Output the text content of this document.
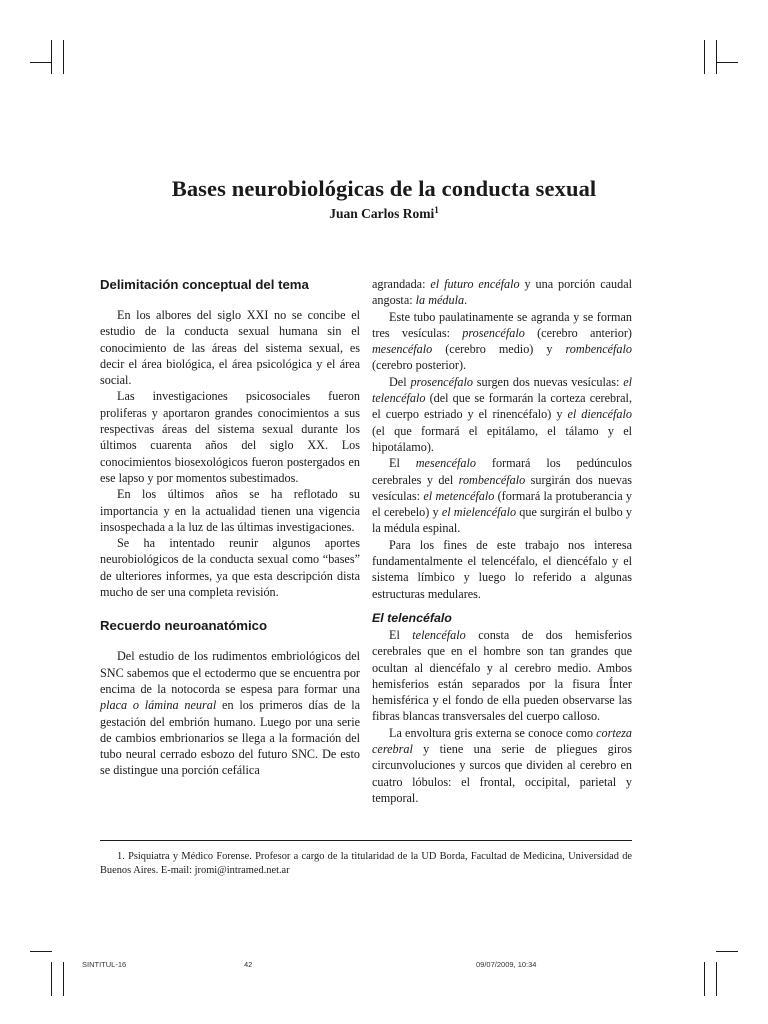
Bases neurobiológicas de la conducta sexual
Juan Carlos Romi$^1$
Delimitación conceptual del tema

En los albores del siglo XXI no se concibe el estudio de la conducta sexual humana sin el conocimiento de las áreas del sistema sexual, es decir el área biológica, el área psicológica y el área social.

Las investigaciones psicosociales fueron proliferas y aportaron grandes conocimientos a sus respectivas áreas del sistema sexual durante los últimos cuarenta años del siglo XX. Los conocimientos biosexológicos fueron postergados en ese lapso y por momentos subestimados.

En los últimos años se ha reflotado su importancia y en la actualidad tienen una vigencia insospechada a la luz de las últimas investigaciones.

Se ha intentado reunir algunos aportes neurobiológicos de la conducta sexual como “bases” de ulteriores informes, ya que esta descripción dista mucho de ser una completa revisión.

Recuerdo neuroanatómico

Del estudio de los rudimentos embriológicos del SNC sabemos que el ectodermo que se encuentra por encima de la notocorda se espesa para formar una placa o lámina neural en los primeros días de la gestación del embrión humano. Luego por una serie de cambios embrionarios se llega a la formación del tubo neural cerrado esbozo del futuro SNC. De esto se distingue una porción cefálica

agrandada: el futuro encéfalo y una porción caudal angosta: la médula.

Este tubo paulatinamente se agranda y se forman tres vesículas: prosencéfalo (cerebro anterior) mesencéfalo (cerebro medio) y rombencéfalo (cerebro posterior).

Del prosencéfalo surgen dos nuevas vesículas: el telencéfalo (del que se formarán la corteza cerebral, el cuerpo estriado y el rinencéfalo) y el diencéfalo (el que formará el epitálamo, el tálamo y el hipotálamo).

El mesencéfalo formará los pedúnculos cerebrales y del rombencéfalo surgirán dos nuevas vesículas: el metencéfalo (formará la protuberancia y el cerebelo) y el mielencéfalo que surgirán el bulbo y la médula espinal.

Para los fines de este trabajo nos interesa fundamentalmente el telencéfalo, el diencéfalo y el sistema límbico y luego lo referido a algunas estructuras medulares.

El telencéfalo

El telencéfalo consta de dos hemisferios cerebrales que en el hombre son tan grandes que ocultan al diencéfalo y al cerebro medio. Ambos hemisferios están separados por la fisura Ínter hemisférica y el fondo de ella pueden observarse las fibras blancas transversales del cuerpo calloso.

La envoltura gris externa se conoce como corteza cerebral y tiene una serie de pliegues giros circunvoluciones y surcos que dividen al cerebro en cuatro lóbulos: el frontal, occipital, parietal y temporal.

1. Psiquiatra y Médico Forense. Profesor a cargo de la titularidad de la UD Borda, Facultad de Medicina, Universidad de Buenos Aires. E-mail: jromi@intramed.net.ar
SINTITUL-16	42	09/07/2009, 10:34
